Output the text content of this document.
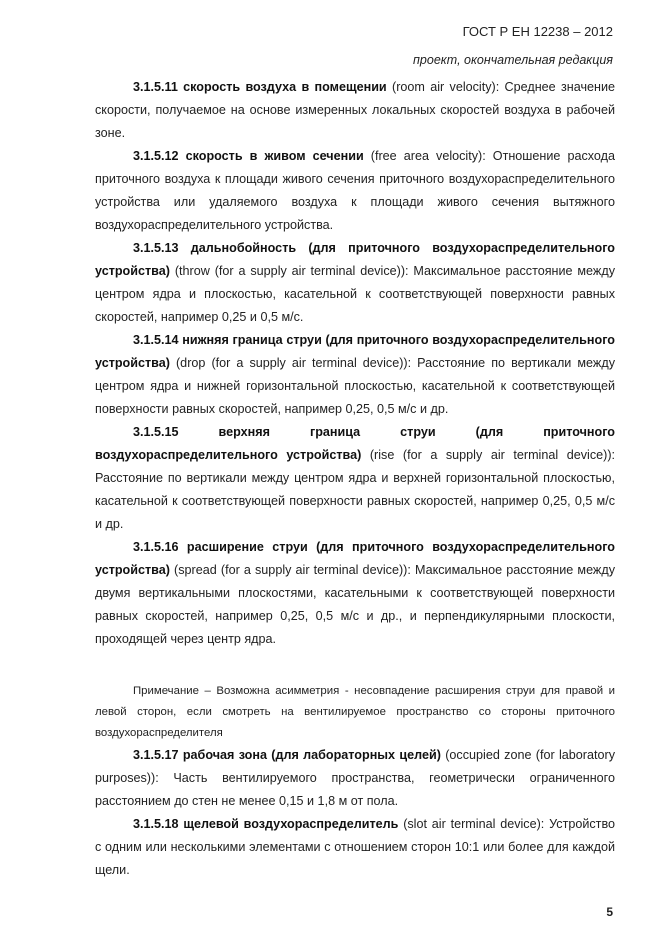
ГОСТ Р ЕН 12238 – 2012
проект, окончательная редакция

3.1.5.11 скорость воздуха в помещении (room air velocity): Среднее значение скорости, получаемое на основе измеренных локальных скоростей воздуха в рабочей зоне.

3.1.5.12 скорость в живом сечении (free area velocity): Отношение расхода приточного воздуха к площади живого сечения приточного воздухораспределительного устройства или удаляемого воздуха к площади живого сечения вытяжного воздухораспределительного устройства.

3.1.5.13 дальнобойность (для приточного воздухораспределительного устройства) (throw (for a supply air terminal device)): Максимальное расстояние между центром ядра и плоскостью, касательной к соответствующей поверхности равных скоростей, например 0,25 и 0,5 м/с.

3.1.5.14 нижняя граница струи (для приточного воздухораспределительного устройства) (drop (for a supply air terminal device)): Расстояние по вертикали между центром ядра и нижней горизонтальной плоскостью, касательной к соответствующей поверхности равных скоростей, например 0,25, 0,5 м/с и др.

3.1.5.15	верхняя граница струи (для приточного воздухораспределительного устройства) (rise (for a supply air terminal device)): Расстояние по вертикали между центром ядра и верхней горизонтальной плоскостью, касательной к соответствующей поверхности равных скоростей, например 0,25, 0,5 м/с и др.

3.1.5.16 расширение струи (для приточного воздухораспределительного устройства) (spread (for a supply air terminal device)): Максимальное расстояние между двумя вертикальными плоскостями, касательными к соответствующей поверхности равных скоростей, например 0,25, 0,5 м/с и др., и перпендикулярными плоскости, проходящей через центр ядра.

Примечание – Возможна асимметрия - несовпадение расширения струи для правой и левой сторон, если смотреть на вентилируемое пространство со стороны приточного воздухораспределителя

3.1.5.17 рабочая зона (для лабораторных целей) (occupied zone (for laboratory purposes)): Часть вентилируемого пространства, геометрически ограниченного расстоянием до стен не менее 0,15 и 1,8 м от пола.

3.1.5.18 щелевой воздухораспределитель (slot air terminal device): Устройство с одним или несколькими элементами с отношением сторон 10:1 или более для каждой щели.

5
